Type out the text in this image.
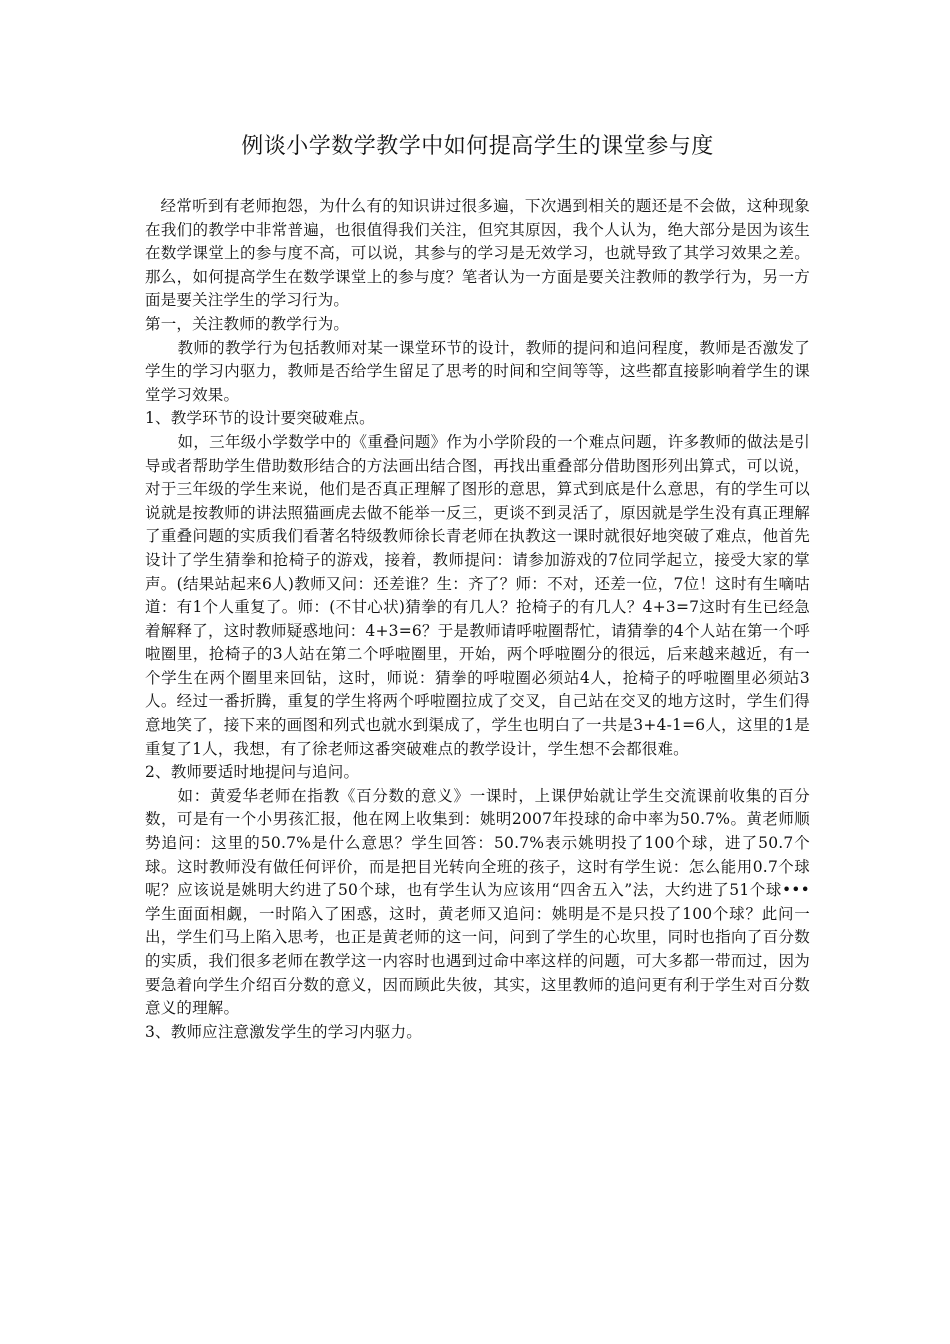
例谈小学数学教学中如何提高学生的课堂参与度

经常听到有老师抱怨，为什么有的知识讲过很多遍，下次遇到相关的题还是不会做，这种现象在我们的教学中非常普遍，也很值得我们关注，但究其原因，我个人认为，绝大部分是因为该生在数学课堂上的参与度不高，可以说，其参与的学习是无效学习，也就导致了其学习效果之差。那么，如何提高学生在数学课堂上的参与度？笔者认为一方面是要关注教师的教学行为，另一方面是要关注学生的学习行为。

第一，关注教师的教学行为。

教师的教学行为包括教师对某一课堂环节的设计，教师的提问和追问程度，教师是否激发了学生的学习内驱力，教师是否给学生留足了思考的时间和空间等等，这些都直接影响着学生的课堂学习效果。

1、教学环节的设计要突破难点。

如，三年级小学数学中的《重叠问题》作为小学阶段的一个难点问题，许多教师的做法是引导或者帮助学生借助数形结合的方法画出结合图，再找出重叠部分借助图形列出算式，可以说，对于三年级的学生来说，他们是否真正理解了图形的意思，算式到底是什么意思，有的学生可以说就是按教师的讲法照猫画虎去做不能举一反三，更谈不到灵活了，原因就是学生没有真正理解了重叠问题的实质我们看著名特级教师徐长青老师在执教这一课时就很好地突破了难点，他首先设计了学生猜拳和抢椅子的游戏，接着，教师提问：请参加游戏的7位同学起立，接受大家的掌声。(结果站起来6人)教师又问：还差谁？生：齐了？师：不对，还差一位，7位！这时有生嘀咕道：有1个人重复了。师：(不甘心状)猜拳的有几人？抢椅子的有几人？4+3=7这时有生已经急着解释了，这时教师疑惑地问：4+3=6？于是教师请呼啦圈帮忙，请猜拳的4个人站在第一个呼啦圈里，抢椅子的3人站在第二个呼啦圈里，开始，两个呼啦圈分的很远，后来越来越近，有一个学生在两个圈里来回钻，这时，师说：猜拳的呼啦圈必须站4人，抢椅子的呼啦圈里必须站3人。经过一番折腾，重复的学生将两个呼啦圈拉成了交叉，自己站在交叉的地方这时，学生们得意地笑了，接下来的画图和列式也就水到渠成了，学生也明白了一共是3+4-1=6人，这里的1是重复了1人，我想，有了徐老师这番突破难点的教学设计，学生想不会都很难。

2、教师要适时地提问与追问。

如：黄爱华老师在指教《百分数的意义》一课时，上课伊始就让学生交流课前收集的百分数，可是有一个小男孩汇报，他在网上收集到：姚明2007年投球的命中率为50.7%。黄老师顺势追问：这里的50.7%是什么意思？学生回答：50.7%表示姚明投了100个球，进了50.7个球。这时教师没有做任何评价，而是把目光转向全班的孩子，这时有学生说：怎么能用0.7个球呢？应该说是姚明大约进了50个球，也有学生认为应该用“四舍五入”法，大约进了51个球•••学生面面相觑，一时陷入了困惑，这时，黄老师又追问：姚明是不是只投了100个球？此问一出，学生们马上陷入思考，也正是黄老师的这一问，问到了学生的心坎里，同时也指向了百分数的实质，我们很多老师在教学这一内容时也遇到过命中率这样的问题，可大多都一带而过，因为要急着向学生介绍百分数的意义，因而顾此失彼，其实，这里教师的追问更有利于学生对百分数意义的理解。

3、教师应注意激发学生的学习内驱力。
